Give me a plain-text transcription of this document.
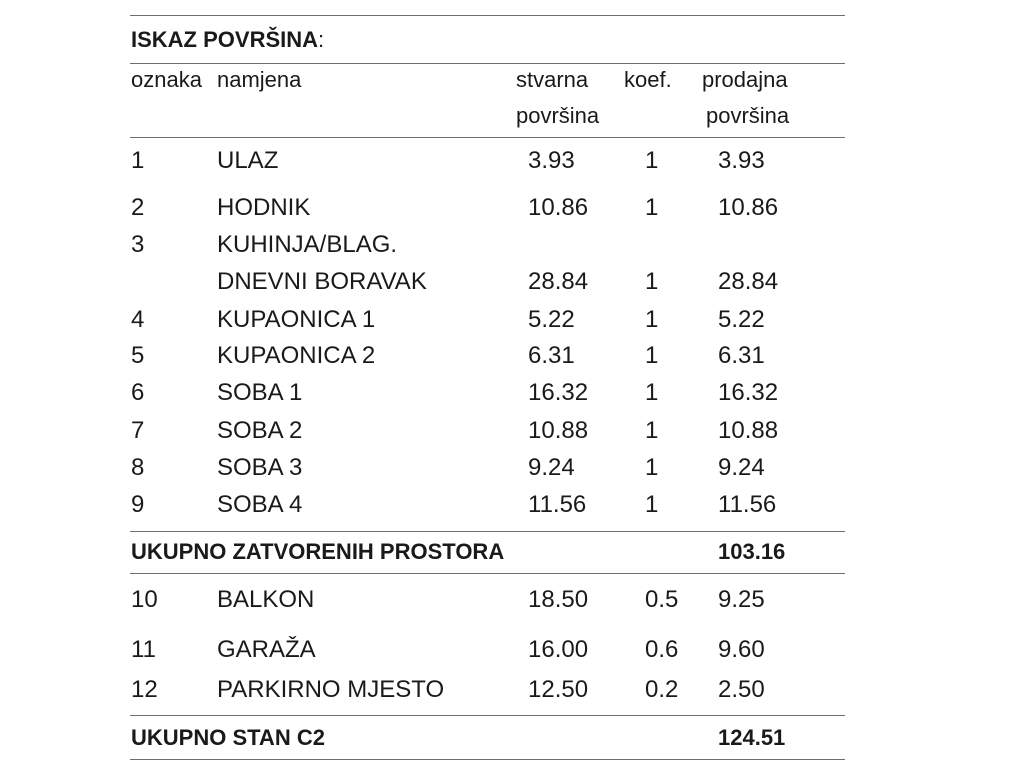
ISKAZ POVRŠINA:
oznaka namjena	stvarna
površina
koef. prodajna
površina
1	ULAZ	3.93	1 3.93
2	HODNIK	10.86 1 10.86
3	KUHINJA/BLAG.
DNEVNI BORAVAK	28.84 1 28.84
4	KUPAONICA 1	5.22	1 5.22
5	KUPAONICA 2	6.31	1 6.31
6	SOBA 1	16.32 1 16.32
7	SOBA 2	10.88 1 10.88
8	SOBA 3	9.24	1 9.24
9	SOBA 4	11.56 1 11.56
UKUPNO ZATVORENIH PROSTORA	103.16
10 BALKON	18.50 0.5 9.25
11	GARAŽA	16.00 0.6 9.60
12 PARKIRNO MJESTO	12.50 0.2 2.50
UKUPNO STAN C2	124.51
